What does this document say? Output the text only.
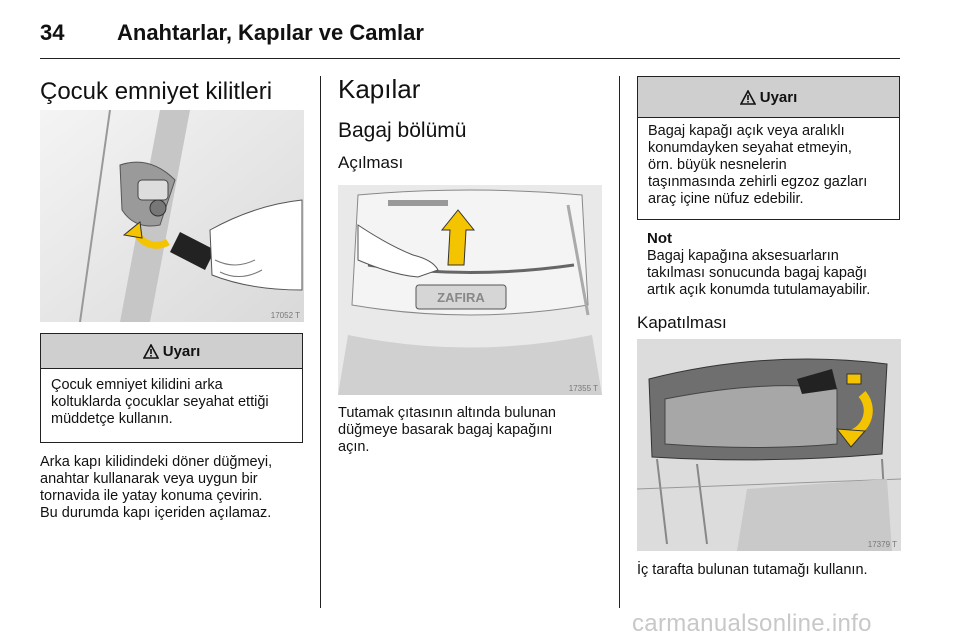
34 Anahtarlar, Kapılar ve Camlar
Çocuk emniyet kilitleri
17052 T
Uyarı
Çocuk emniyet kilidini arka
koltuklarda çocuklar seyahat ettiği
müddetçe kullanın.
Arka kapı kilidindeki döner düğmeyi,
anahtar kullanarak veya uygun bir
tornavida ile yatay konuma çevirin.
Bu durumda kapı içeriden açılamaz.
Kapılar
Bagaj bölümü
Açılması
ZAFIRA
17355 T
Tutamak çıtasının altında bulunan
düğmeye basarak bagaj kapağını
açın.
Uyarı
Bagaj kapağı açık veya aralıklı
konumdayken seyahat etmeyin,
örn. büyük nesnelerin
taşınmasında zehirli egzoz gazları
araç içine nüfuz edebilir.
Not
Bagaj kapağına aksesuarların
takılması sonucunda bagaj kapağı
artık açık konumda tutulamayabilir.
Kapatılması
17379 T
İç tarafta bulunan tutamağı kullanın.
carmanualsonline.info
